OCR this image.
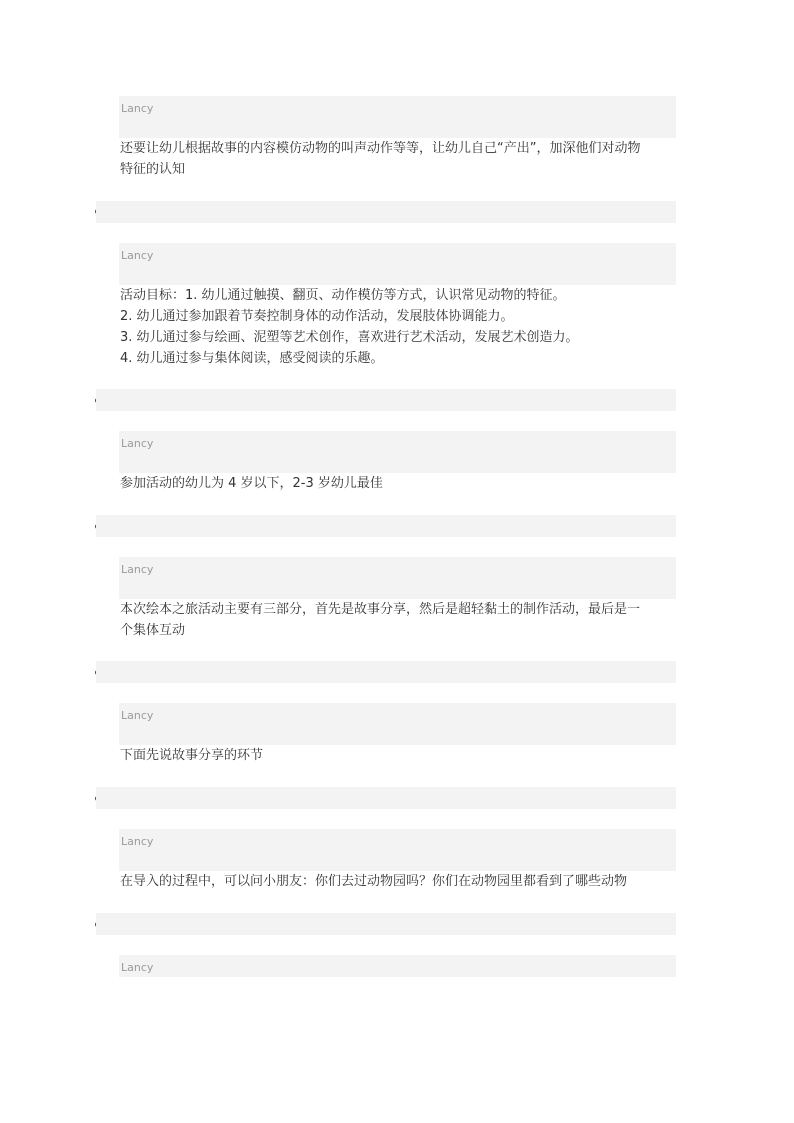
Lancy
还要让幼儿根据故事的内容模仿动物的叫声动作等等，让幼儿自己“产出”，加深他们对动物
特征的认知
Lancy
活动目标：1. 幼儿通过触摸、翻页、动作模仿等方式，认识常见动物的特征。
2. 幼儿通过参加跟着节奏控制身体的动作活动，发展肢体协调能力。
3. 幼儿通过参与绘画、泥塑等艺术创作，喜欢进行艺术活动，发展艺术创造力。
4. 幼儿通过参与集体阅读，感受阅读的乐趣。
Lancy
参加活动的幼儿为 4 岁以下，2-3 岁幼儿最佳
Lancy
本次绘本之旅活动主要有三部分，首先是故事分享，然后是超轻黏土的制作活动，最后是一
个集体互动
Lancy
下面先说故事分享的环节
Lancy
在导入的过程中，可以问小朋友：你们去过动物园吗？你们在动物园里都看到了哪些动物
Lancy
